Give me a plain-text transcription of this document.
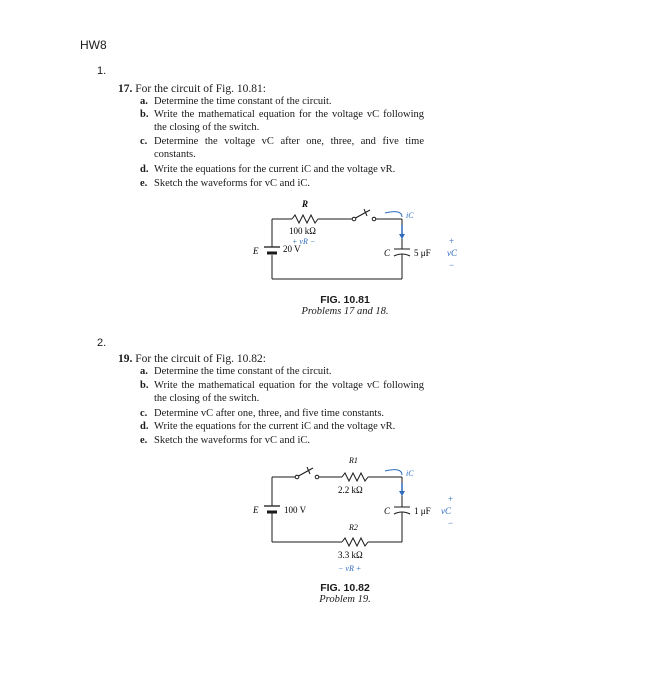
HW8
1.
17. For the circuit of Fig. 10.81:
a. Determine the time constant of the circuit.
b. Write the mathematical equation for the voltage vC following the closing of the switch.
c. Determine the voltage vC after one, three, and five time constants.
d. Write the equations for the current iC and the voltage vR.
e. Sketch the waveforms for vC and iC.
R
100 kΩ
+ vR −
E	20 V
iC
C	5 μF vC
+
−
FIG. 10.81
Problems 17 and 18.
2.
19. For the circuit of Fig. 10.82:
a. Determine the time constant of the circuit.
b. Write the mathematical equation for the voltage vC following the closing of the switch.
c. Determine vC after one, three, and five time constants.
d. Write the equations for the current iC and the voltage vR.
e. Sketch the waveforms for vC and iC.
R1
2.2 kΩ
R2
3.3 kΩ
− vR +
E	100 V
iC
C	1 μF vC
+
−
FIG. 10.82
Problem 19.
